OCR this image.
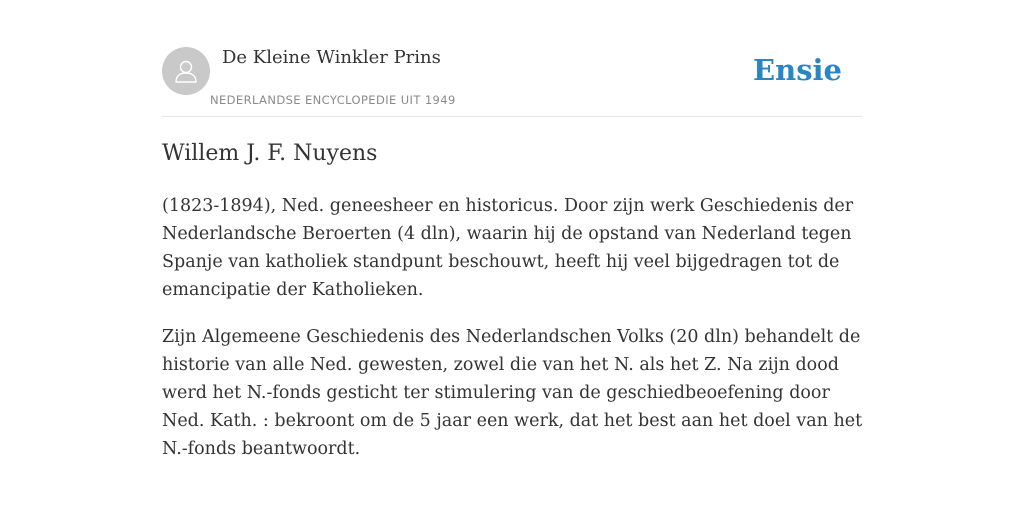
De Kleine Winkler Prins
NEDERLANDSE ENCYCLOPEDIE UIT 1949
Ensie
Willem J. F. Nuyens

(1823-1894), Ned. geneesheer en historicus. Door zijn werk Geschiedenis der Nederlandsche Beroerten (4 dln), waarin hij de opstand van Nederland tegen Spanje van katholiek standpunt beschouwt, heeft hij veel bijgedragen tot de emancipatie der Katholieken.

Zijn Algemeene Geschiedenis des Nederlandschen Volks (20 dln) behandelt de historie van alle Ned. gewesten, zowel die van het N. als het Z. Na zijn dood werd het N.-fonds gesticht ter stimulering van de geschiedbeoefening door Ned. Kath. : bekroont om de 5 jaar een werk, dat het best aan het doel van het N.-fonds beantwoordt.
